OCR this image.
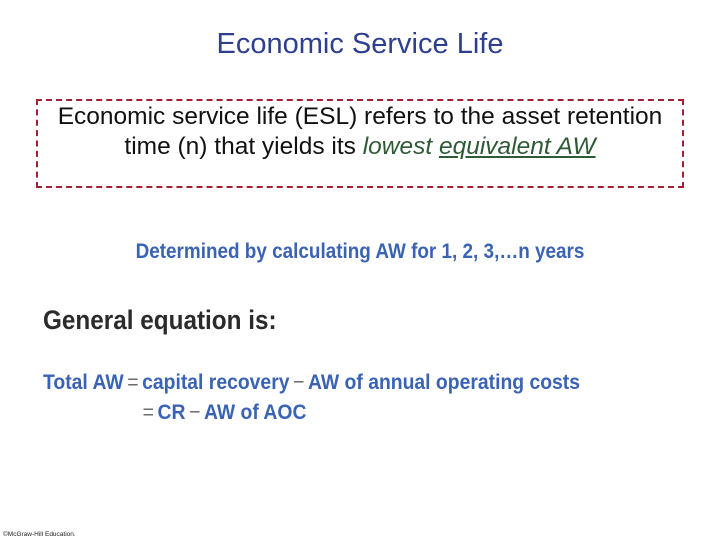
Economic Service Life
Economic service life (ESL) refers to the asset retention time (n) that yields its lowest equivalent AW
Determined by calculating AW for 1, 2, 3,…n years
General equation is:
Total AW = capital recovery − AW of annual operating costs
= CR − AW of AOC
©McGraw-Hill Education.
